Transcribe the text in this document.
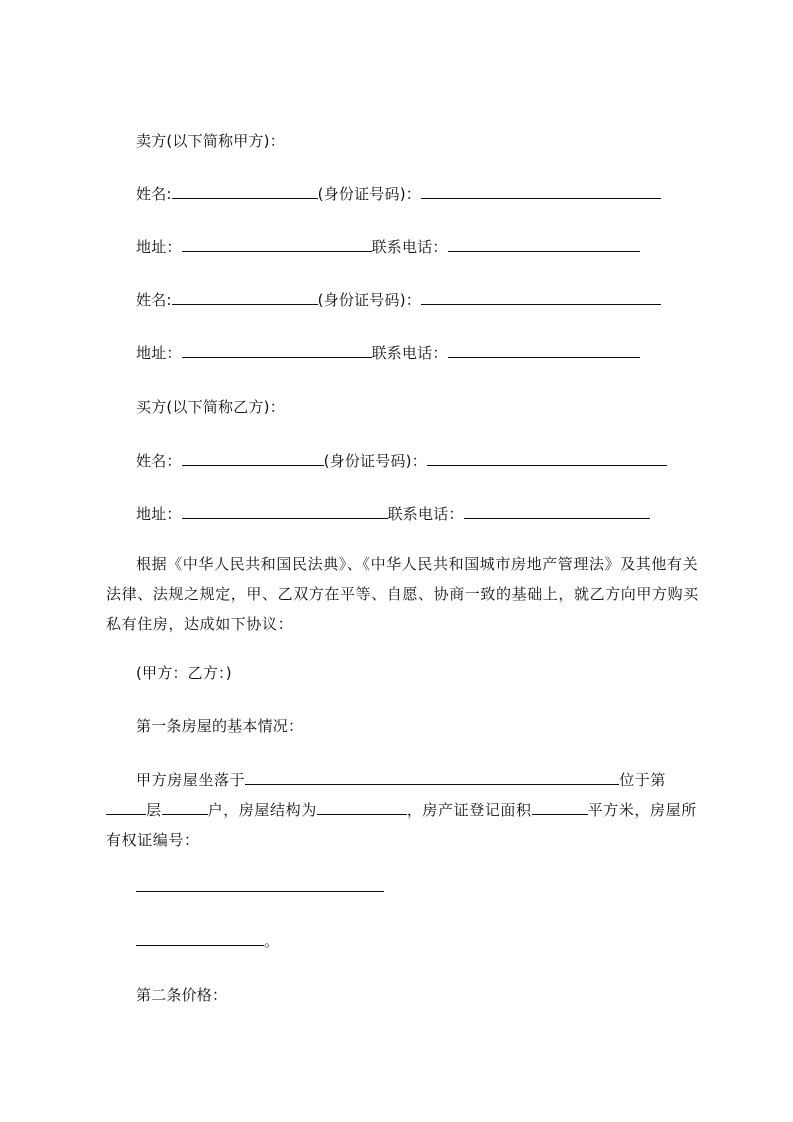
卖方(以下简称甲方)：
姓名:	(身份证号码)：
地址：	联系电话：
姓名:	(身份证号码)：
地址：	联系电话：
买方(以下简称乙方)：
姓名：	(身份证号码)：
地址：	联系电话：
根据《中华人民共和国民法典》、《中华人民共和国城市房地产管理法》及其他有关法律、法规之规定，甲、乙双方在平等、自愿、协商一致的基础上，就乙方向甲方购买私有住房，达成如下协议：
(甲方：乙方：)
第一条房屋的基本情况：
甲方房屋坐落于	位于第层	户，房屋结构为	，房产证登记面积	平方米，房屋所有权证编号：
。
第二条价格：
